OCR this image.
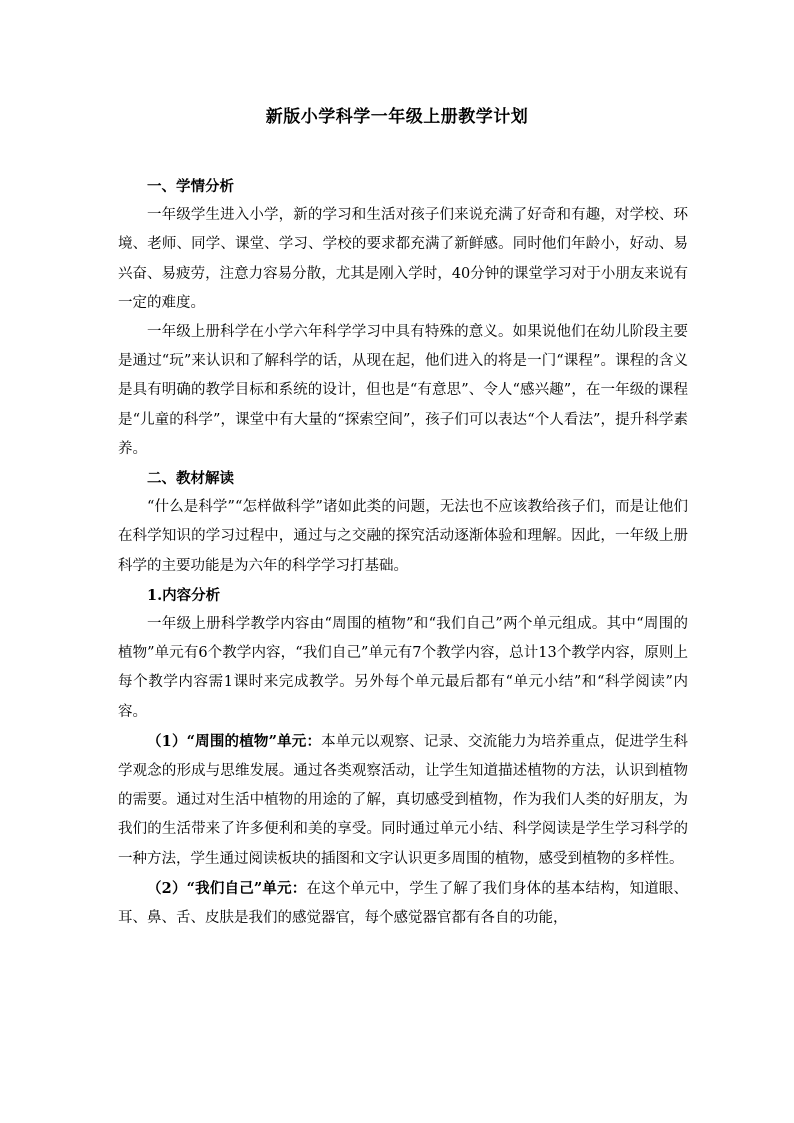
新版小学科学一年级上册教学计划

一、学情分析

一年级学生进入小学，新的学习和生活对孩子们来说充满了好奇和有趣，对学校、环境、老师、同学、课堂、学习、学校的要求都充满了新鲜感。同时他们年龄小，好动、易兴奋、易疲劳，注意力容易分散，尤其是刚入学时，40分钟的课堂学习对于小朋友来说有一定的难度。

一年级上册科学在小学六年科学学习中具有特殊的意义。如果说他们在幼儿阶段主要是通过“玩”来认识和了解科学的话，从现在起，他们进入的将是一门“课程”。课程的含义是具有明确的教学目标和系统的设计，但也是“有意思”、令人“感兴趣”，在一年级的课程是“儿童的科学”，课堂中有大量的“探索空间”，孩子们可以表达“个人看法”，提升科学素养。

二、教材解读

“什么是科学”“怎样做科学”诸如此类的问题，无法也不应该教给孩子们，而是让他们在科学知识的学习过程中，通过与之交融的探究活动逐渐体验和理解。因此，一年级上册科学的主要功能是为六年的科学学习打基础。

1.内容分析

一年级上册科学教学内容由“周围的植物”和“我们自己”两个单元组成。其中“周围的植物”单元有6个教学内容，“我们自己”单元有7个教学内容，总计13个教学内容，原则上每个教学内容需1课时来完成教学。另外每个单元最后都有“单元小结”和“科学阅读”内容。

（1）“周围的植物”单元：本单元以观察、记录、交流能力为培养重点，促进学生科学观念的形成与思维发展。通过各类观察活动，让学生知道描述植物的方法，认识到植物的需要。通过对生活中植物的用途的了解，真切感受到植物，作为我们人类的好朋友，为我们的生活带来了许多便利和美的享受。同时通过单元小结、科学阅读是学生学习科学的一种方法，学生通过阅读板块的插图和文字认识更多周围的植物，感受到植物的多样性。

（2）“我们自己”单元：在这个单元中，学生了解了我们身体的基本结构，知道眼、耳、鼻、舌、皮肤是我们的感觉器官，每个感觉器官都有各自的功能，
